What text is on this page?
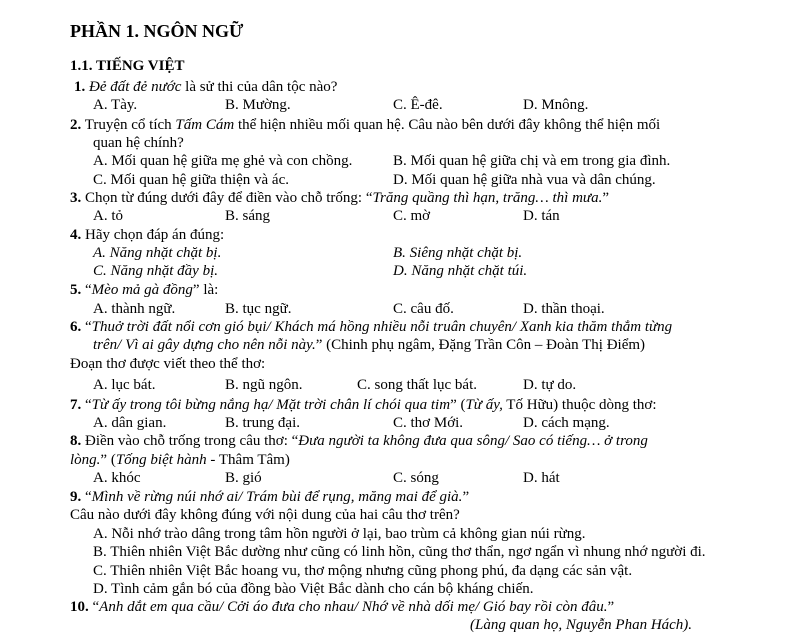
PHẦN 1. NGÔN NGỮ
1.1. TIẾNG VIỆT
1. Đẻ đất đẻ nước là sử thi của dân tộc nào?
A. Tày.	B. Mường.	C. Ê-đê.	D. Mnông.
2. Truyện cổ tích Tấm Cám thể hiện nhiều mối quan hệ. Câu nào bên dưới đây không thể hiện mối
quan hệ chính?
A. Mối quan hệ giữa mẹ ghẻ và con chồng.	B. Mối quan hệ giữa chị và em trong gia đình.
C. Mối quan hệ giữa thiện và ác.	D. Mối quan hệ giữa nhà vua và dân chúng.
3. Chọn từ đúng dưới đây để điền vào chỗ trống: “Trăng quầng thì hạn, trăng… thì mưa.”
A. tỏ	B. sáng	C. mờ	D. tán
4. Hãy chọn đáp án đúng:
A. Năng nhặt chặt bị.	B. Siêng nhặt chặt bị.
C. Năng nhặt đầy bị.	D. Năng nhặt chặt túi.
5. “Mèo mả gà đồng” là:
A. thành ngữ.	B. tục ngữ.	C. câu đố.	D. thần thoại.
6. “Thuở trời đất nổi cơn gió bụi/ Khách má hồng nhiều nỗi truân chuyên/ Xanh kia thăm thẳm từng
trên/ Vì ai gây dựng cho nên nỗi này.” (Chinh phụ ngâm, Đặng Trần Côn – Đoàn Thị Điểm)
Đoạn thơ được viết theo thể thơ:
A. lục bát.	B. ngũ ngôn.	C. song thất lục bát.	D. tự do.
7. “Từ ấy trong tôi bừng nắng hạ/ Mặt trời chân lí chói qua tim” (Từ ấy, Tố Hữu) thuộc dòng thơ:
A. dân gian.	B. trung đại.	C. thơ Mới.	D. cách mạng.
8. Điền vào chỗ trống trong câu thơ: “Đưa người ta không đưa qua sông/ Sao có tiếng… ở trong
lòng.” (Tống biệt hành - Thâm Tâm)
A. khóc	B. gió	C. sóng	D. hát
9. “Mình về rừng núi nhớ ai/ Trám bùi để rụng, măng mai để già.”
Câu nào dưới đây không đúng với nội dung của hai câu thơ trên?
A. Nỗi nhớ trào dâng trong tâm hồn người ở lại, bao trùm cả không gian núi rừng.
B. Thiên nhiên Việt Bắc dường như cũng có linh hồn, cũng thơ thẩn, ngơ ngẩn vì nhung nhớ người đi.
C. Thiên nhiên Việt Bắc hoang vu, thơ mộng nhưng cũng phong phú, đa dạng các sản vật.
D. Tình cảm gắn bó của đồng bào Việt Bắc dành cho cán bộ kháng chiến.
10. “Anh dắt em qua cầu/ Cởi áo đưa cho nhau/ Nhớ về nhà dối mẹ/ Gió bay rồi còn đâu.”
(Làng quan họ, Nguyễn Phan Hách).
